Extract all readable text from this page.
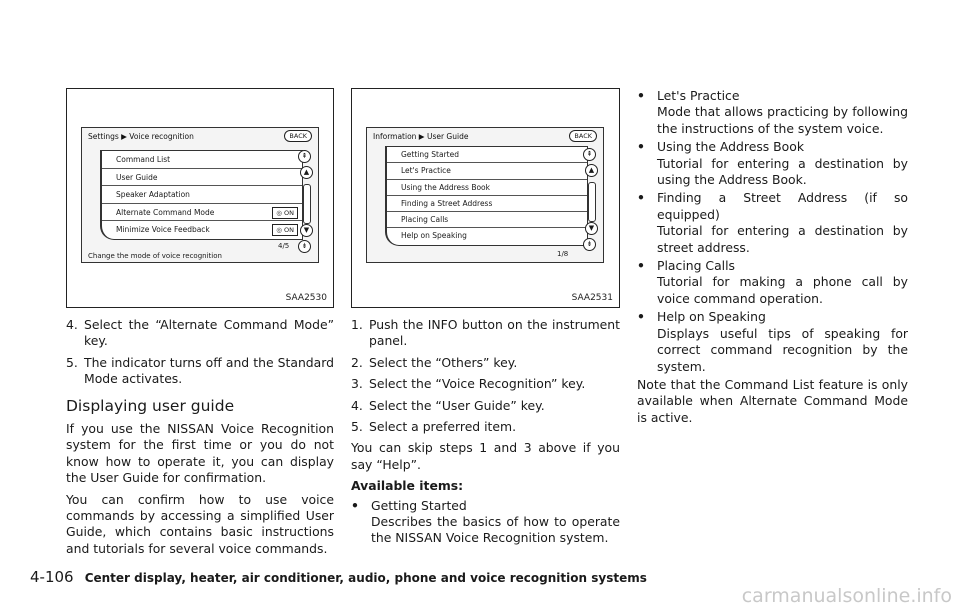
Settings ▶ Voice recognition	BACK
Command List
User Guide
Speaker Adaptation
Alternate Command Mode	◎ ON
Minimize Voice Feedback	◎ ON
4/5
⇞
▲
▼
⇟
Change the mode of voice recognition
SAA2530
Information ▶ User Guide	BACK
Getting Started
Let's Practice
Using the Address Book
Finding a Street Address
Placing Calls
Help on Speaking
1/8
⇞
▲
▼
⇟
SAA2531
4. Select the “Alternate Command Mode” key.
5. The indicator turns off and the Standard Mode activates.
Displaying user guide

If you use the NISSAN Voice Recognition system for the first time or you do not know how to operate it, you can display the User Guide for confirmation.

You can confirm how to use voice commands by accessing a simplified User Guide, which contains basic instructions and tutorials for several voice commands.

1. Push the INFO button on the instrument panel.
2. Select the “Others” key.
3. Select the “Voice Recognition” key.
4. Select the “User Guide” key.
5. Select a preferred item.

You can skip steps 1 and 3 above if you say “Help”.

Available items:
• Getting Started
Describes the basics of how to operate the NISSAN Voice Recognition system.
• Let's Practice
Mode that allows practicing by following the instructions of the system voice.
• Using the Address Book
Tutorial for entering a destination by using the Address Book.
• Finding a Street Address (if so equipped)
Tutorial for entering a destination by street address.
• Placing Calls
Tutorial for making a phone call by voice command operation.
• Help on Speaking
Displays useful tips of speaking for correct command recognition by the system.

Note that the Command List feature is only available when Alternate Command Mode is active.

4-106 Center display, heater, air conditioner, audio, phone and voice recognition systems
carmanualsonline.info
